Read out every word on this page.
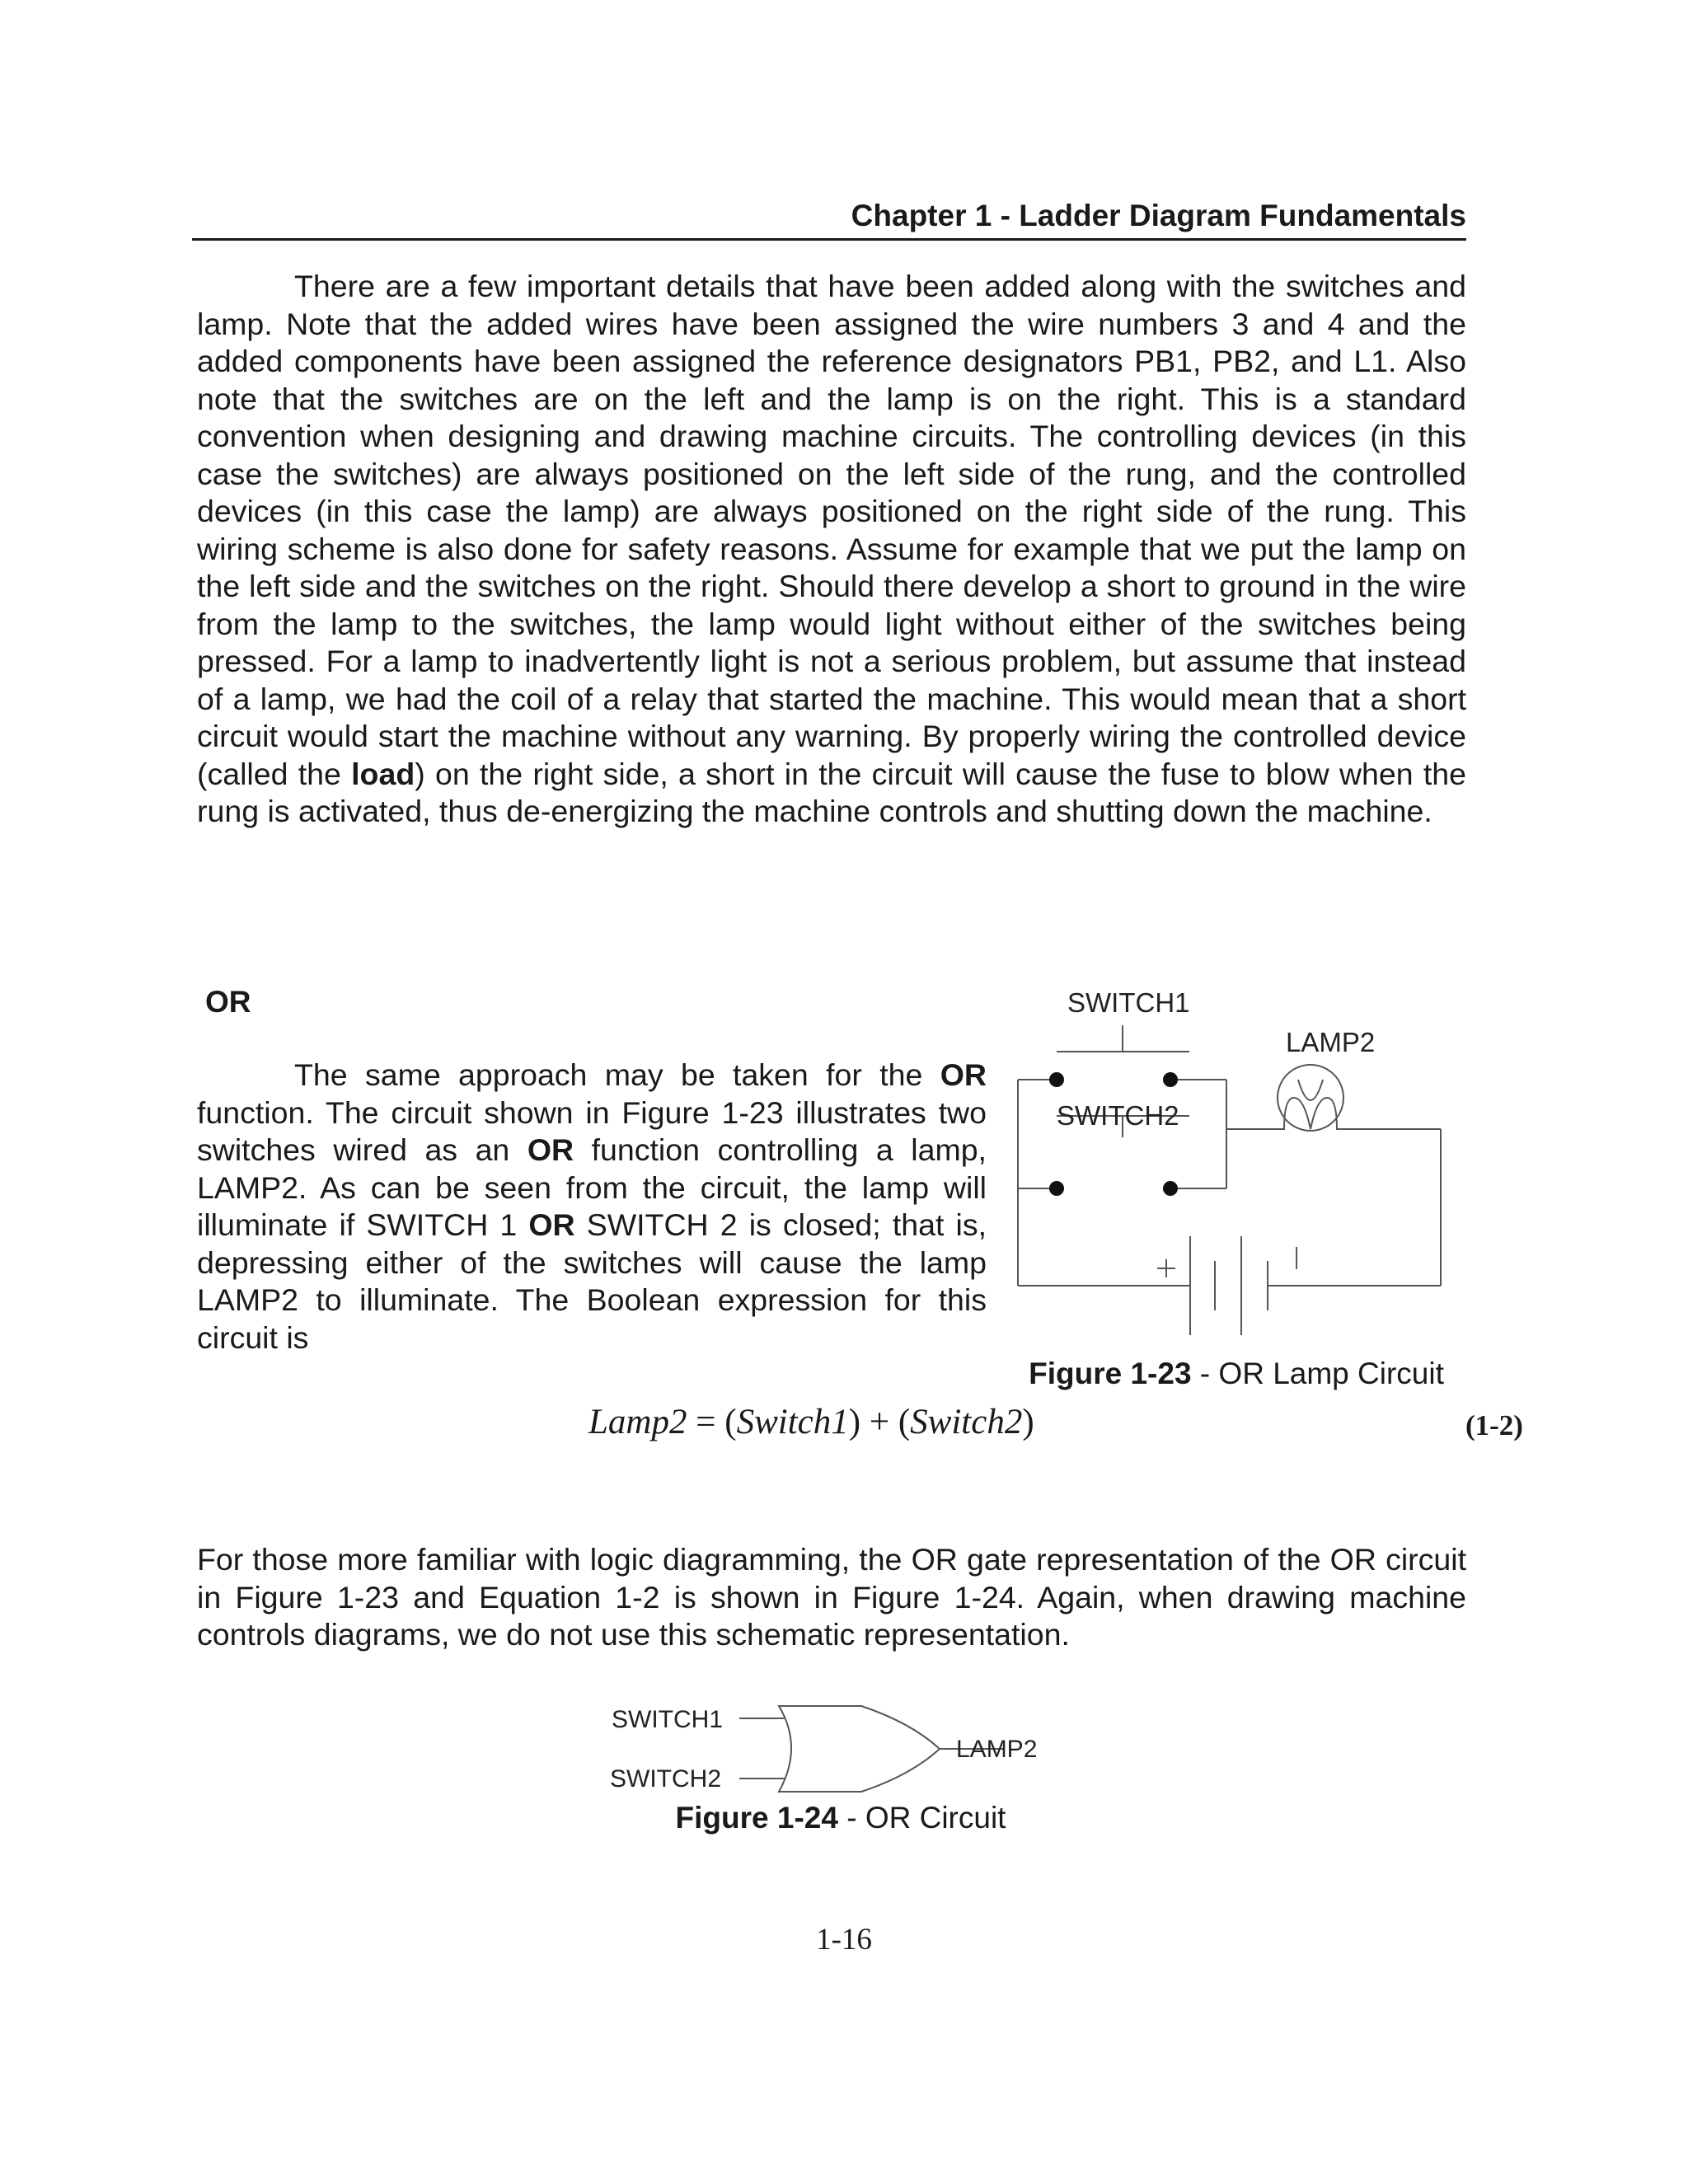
Chapter 1 - Ladder Diagram Fundamentals

There are a few important details that have been added along with the switches and lamp. Note that the added wires have been assigned the wire numbers 3 and 4 and the added components have been assigned the reference designators PB1, PB2, and L1. Also note that the switches are on the left and the lamp is on the right. This is a standard convention when designing and drawing machine circuits. The controlling devices (in this case the switches) are always positioned on the left side of the rung, and the controlled devices (in this case the lamp) are always positioned on the right side of the rung. This wiring scheme is also done for safety reasons. Assume for example that we put the lamp on the left side and the switches on the right. Should there develop a short to ground in the wire from the lamp to the switches, the lamp would light without either of the switches being pressed. For a lamp to inadvertently light is not a serious problem, but assume that instead of a lamp, we had the coil of a relay that started the machine. This would mean that a short circuit would start the machine without any warning. By properly wiring the controlled device (called the load) on the right side, a short in the circuit will cause the fuse to blow when the rung is activated, thus de-energizing the machine controls and shutting down the machine.

OR

The same approach may be taken for the OR function. The circuit shown in Figure 1-23 illustrates two switches wired as an OR function controlling a lamp, LAMP2. As can be seen from the circuit, the lamp will illuminate if SWITCH 1 OR SWITCH 2 is closed; that is, depressing either of the switches will cause the lamp LAMP2 to illuminate. The Boolean expression for this circuit is

SWITCH1
SWITCH2
LAMP2
Figure 1-23 - OR Lamp Circuit
Lamp2 = (Switch1) + (Switch2)	(1-2)

For those more familiar with logic diagramming, the OR gate representation of the OR circuit in Figure 1-23 and Equation 1-2 is shown in Figure 1-24. Again, when drawing machine controls diagrams, we do not use this schematic representation.

SWITCH1
SWITCH2
LAMP2
Figure 1-24 - OR Circuit
1-16
